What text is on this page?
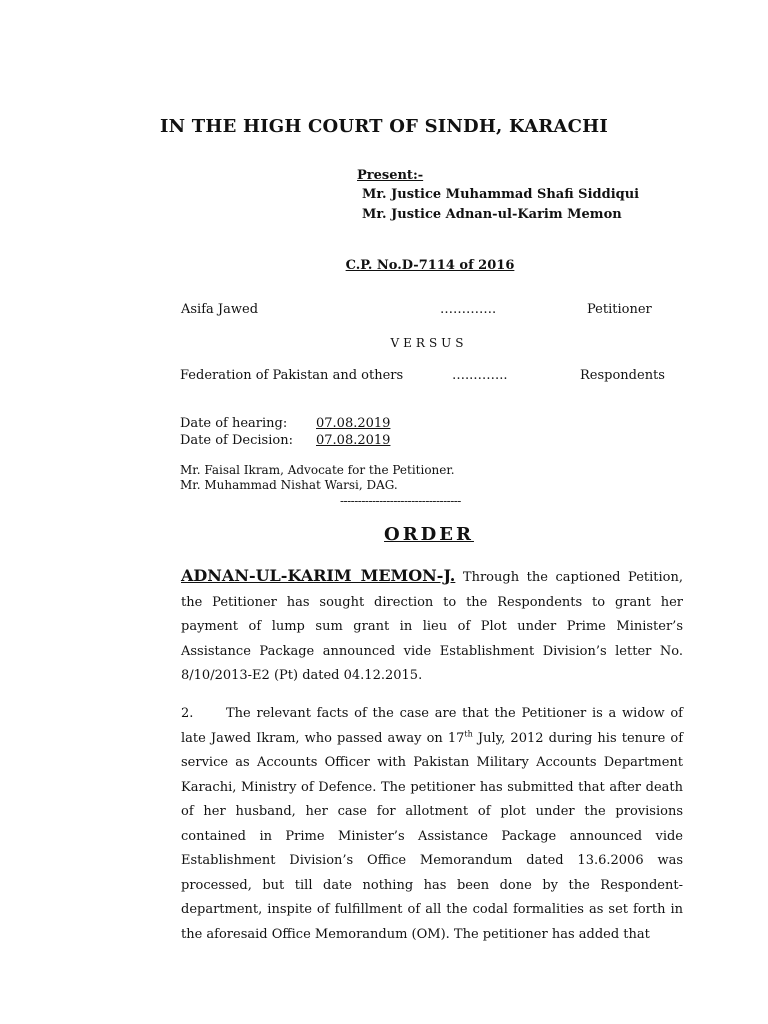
IN THE HIGH COURT OF SINDH, KARACHI
Present:-
Mr. Justice Muhammad Shafi Siddiqui
Mr. Justice Adnan-ul-Karim Memon
C.P. No.D-7114 of 2016
Asifa Jawed	………….	Petitioner
VERSUS
Federation of Pakistan and others	…..……..	Respondents
Date of hearing: 07.08.2019
Date of Decision: 07.08.2019
Mr. Faisal Ikram, Advocate for the Petitioner.
Mr. Muhammad Nishat Warsi, DAG.
----------------------------------
ORDER
ADNAN-UL-KARIM MEMON-J. Through the captioned Petition, the Petitioner has sought direction to the Respondents to grant her payment of lump sum grant in lieu of Plot under Prime Minister’s Assistance Package announced vide Establishment Division’s letter No. 8/10/2013-E2 (Pt) dated 04.12.2015.
2.	The relevant facts of the case are that the Petitioner is a widow of late Jawed Ikram, who passed away on 17th July, 2012 during his tenure of service as Accounts Officer with Pakistan Military Accounts Department Karachi, Ministry of Defence. The petitioner has submitted that after death of her husband, her case for allotment of plot under the provisions contained in Prime Minister’s Assistance Package announced vide Establishment Division’s Office Memorandum dated 13.6.2006 was processed, but till date nothing has been done by the Respondent-department, inspite of fulfillment of all the codal formalities as set forth in the aforesaid Office Memorandum (OM). The petitioner has added that
